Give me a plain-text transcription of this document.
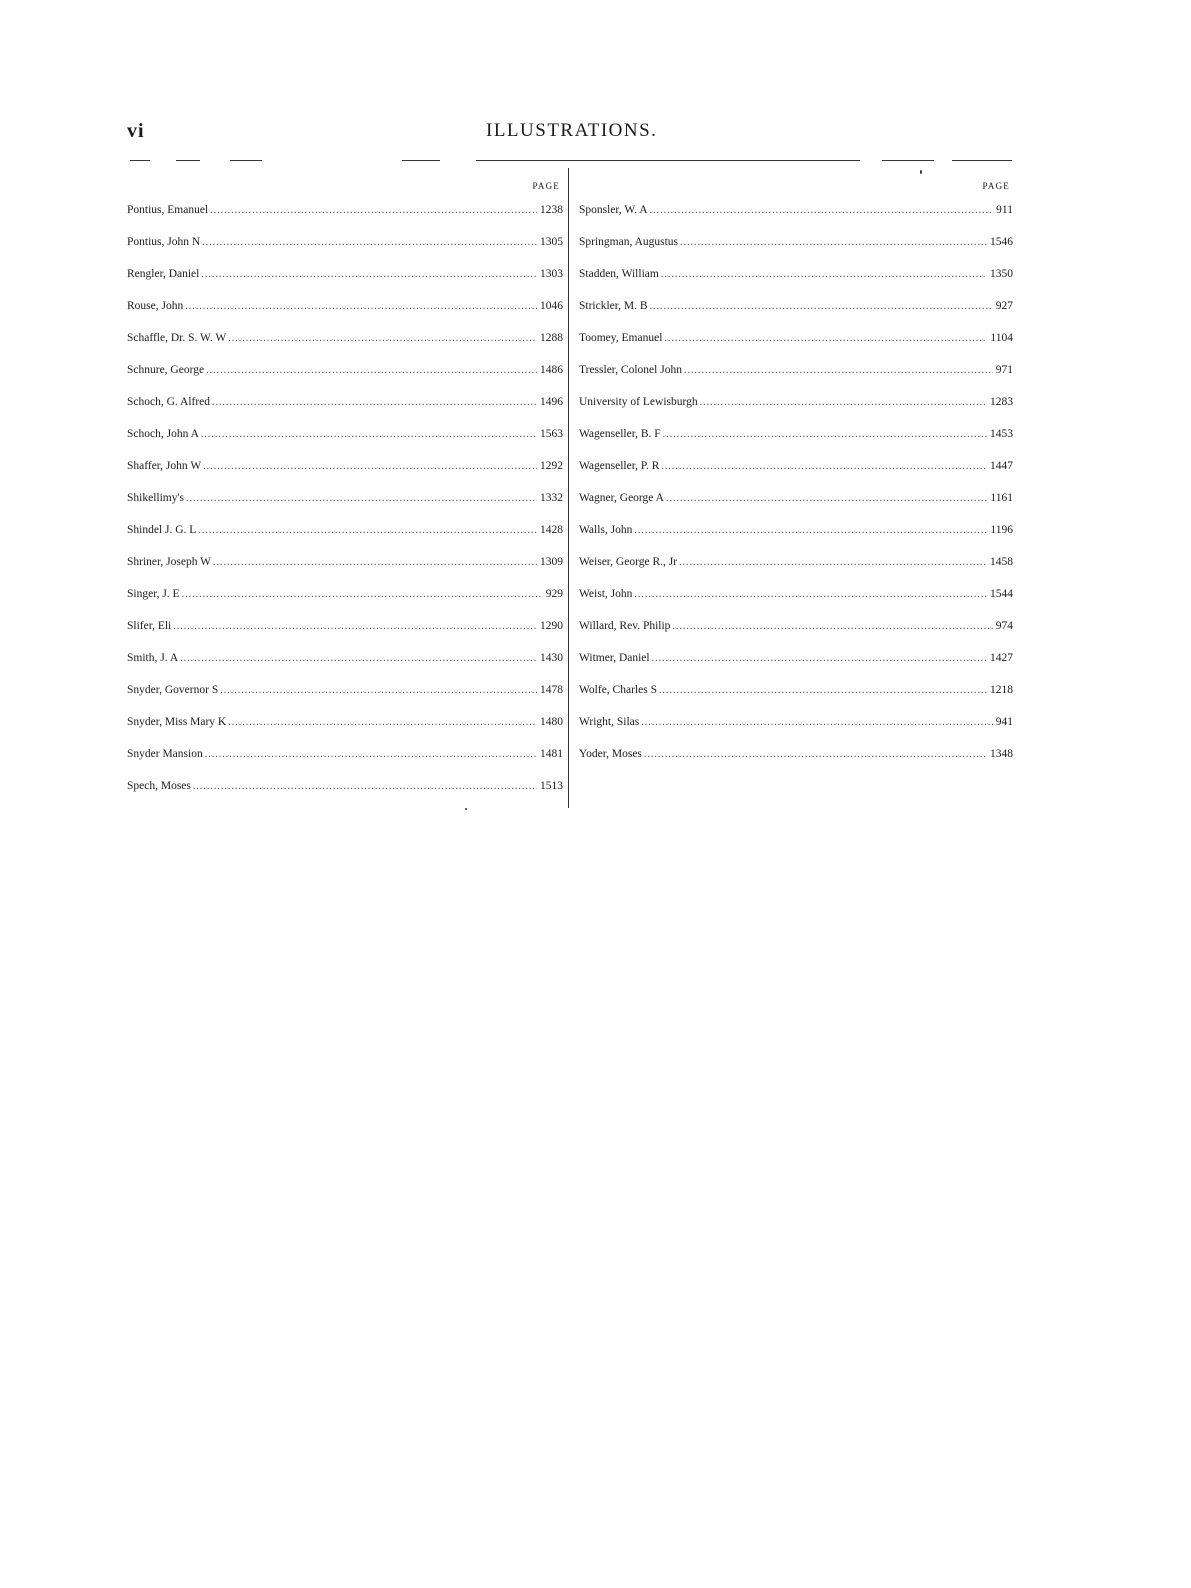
vi	ILLUSTRATIONS.
PAGE
Pontius, Emanuel .....	1238
Pontius, John N .....	1305
Rengler, Daniel .....	1303
Rouse, John .....	1046
Schaffle, Dr. S. W. W .....	1288
Schnure, George .....	1486
Schoch, G. Alfred .....	1496
Schoch, John A .....	1563
Shaffer, John W .....	1292
Shikellimy's .....	1332
Shindel J. G. L .....	1428
Shriner, Joseph W .....	1309
Singer, J. E .....	929
Slifer, Eli .....	1290
Smith, J. A .....	1430
Snyder, Governor S .....	1478
Snyder, Miss Mary K .....	1480
Snyder Mansion .....	1481
Spech, Moses .....	1513
PAGE
Sponsler, W. A .....	911
Springman, Augustus .....	1546
Stadden, William .....	1350
Strickler, M. B .....	927
Toomey, Emanuel .....	1104
Tressler, Colonel John .....	971
University of Lewisburgh .....	1283
Wagenseller, B. F .....	1453
Wagenseller, P. R .....	1447
Wagner, George A .....	1161
Walls, John .....	1196
Weiser, George R., Jr .....	1458
Weist, John .....	1544
Willard, Rev. Philip .....	974
Witmer, Daniel .....	1427
Wolfe, Charles S .....	1218
Wright, Silas .....	941
Yoder, Moses .....	1348
